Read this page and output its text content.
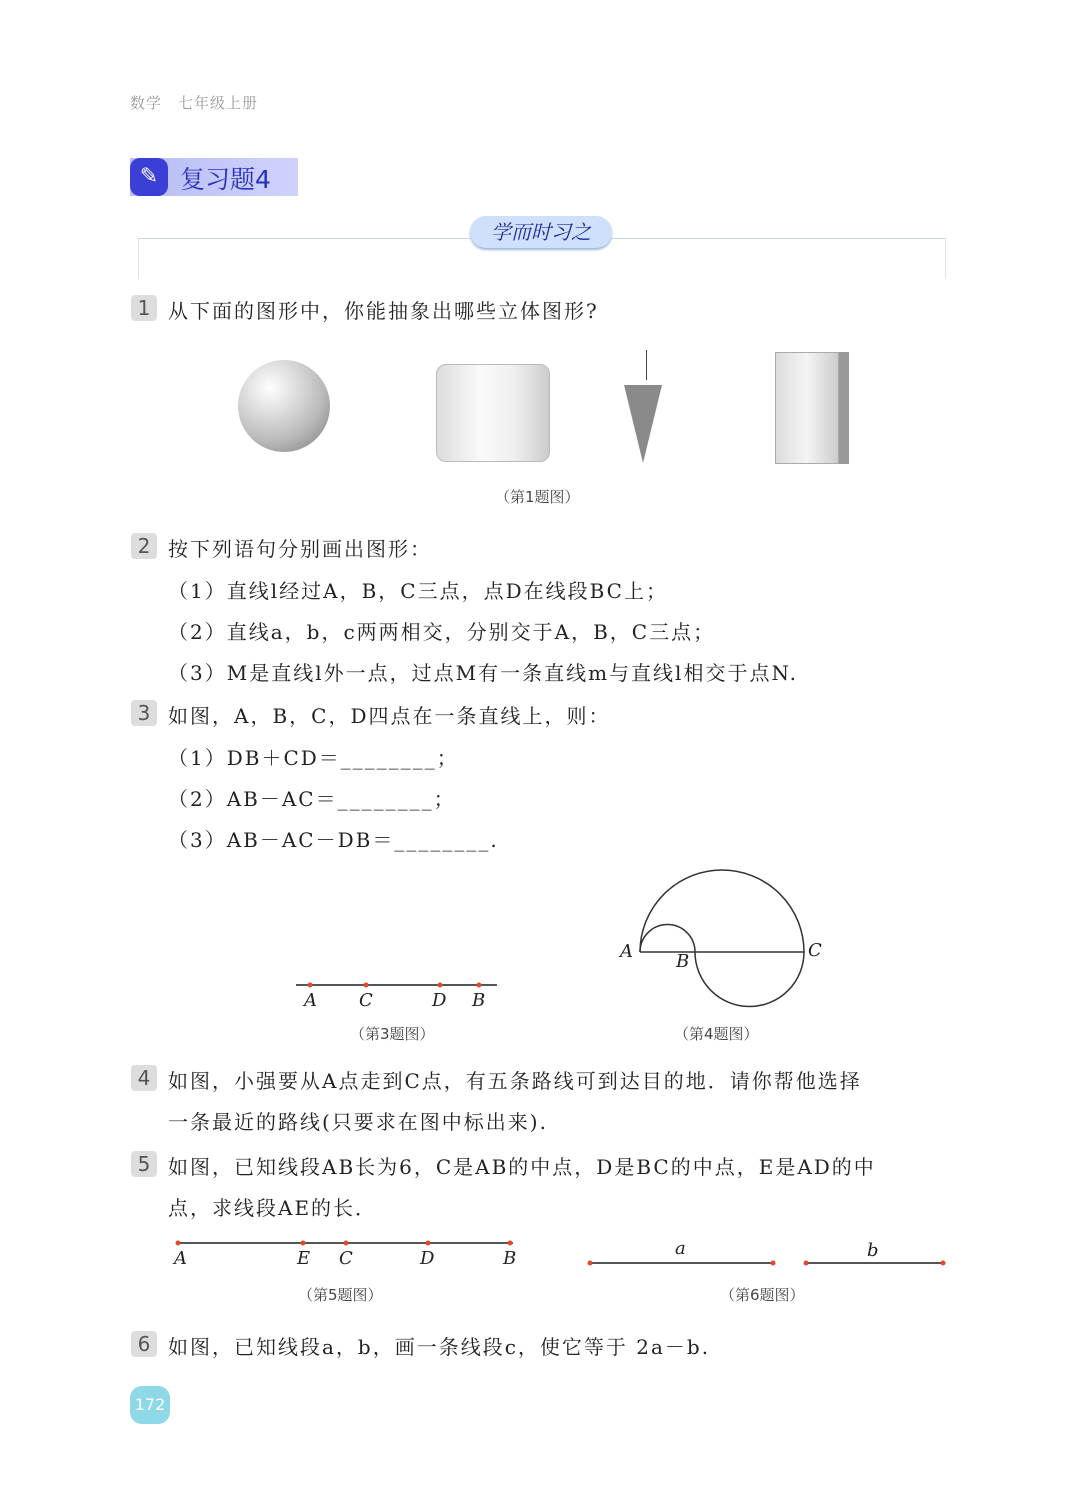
数学　七年级上册
✎ 复习题4
学而时习之
1 从下面的图形中，你能抽象出哪些立体图形?
（第1题图）
2 按下列语句分别画出图形：
（1）直线l经过A，B，C三点，点D在线段BC上；
（2）直线a，b，c两两相交，分别交于A，B，C三点；
（3）M是直线l外一点，过点M有一条直线m与直线l相交于点N.
3 如图，A，B，C，D四点在一条直线上，则：
（1）DB＋CD＝________；
（2）AB－AC＝________；
（3）AB－AC－DB＝________.
A C	D B
（第3题图）
A B
C
（第4题图）
4 如图，小强要从A点走到C点，有五条路线可到达目的地．请你帮他选择
一条最近的路线(只要求在图中标出来).
5 如图，已知线段AB长为6，C是AB的中点，D是BC的中点，E是AD的中
点，求线段AE的长．
A	E C	D	B
（第5题图）
a	b
（第6题图）
6 如图，已知线段a，b，画一条线段c，使它等于 2a－b.
172
